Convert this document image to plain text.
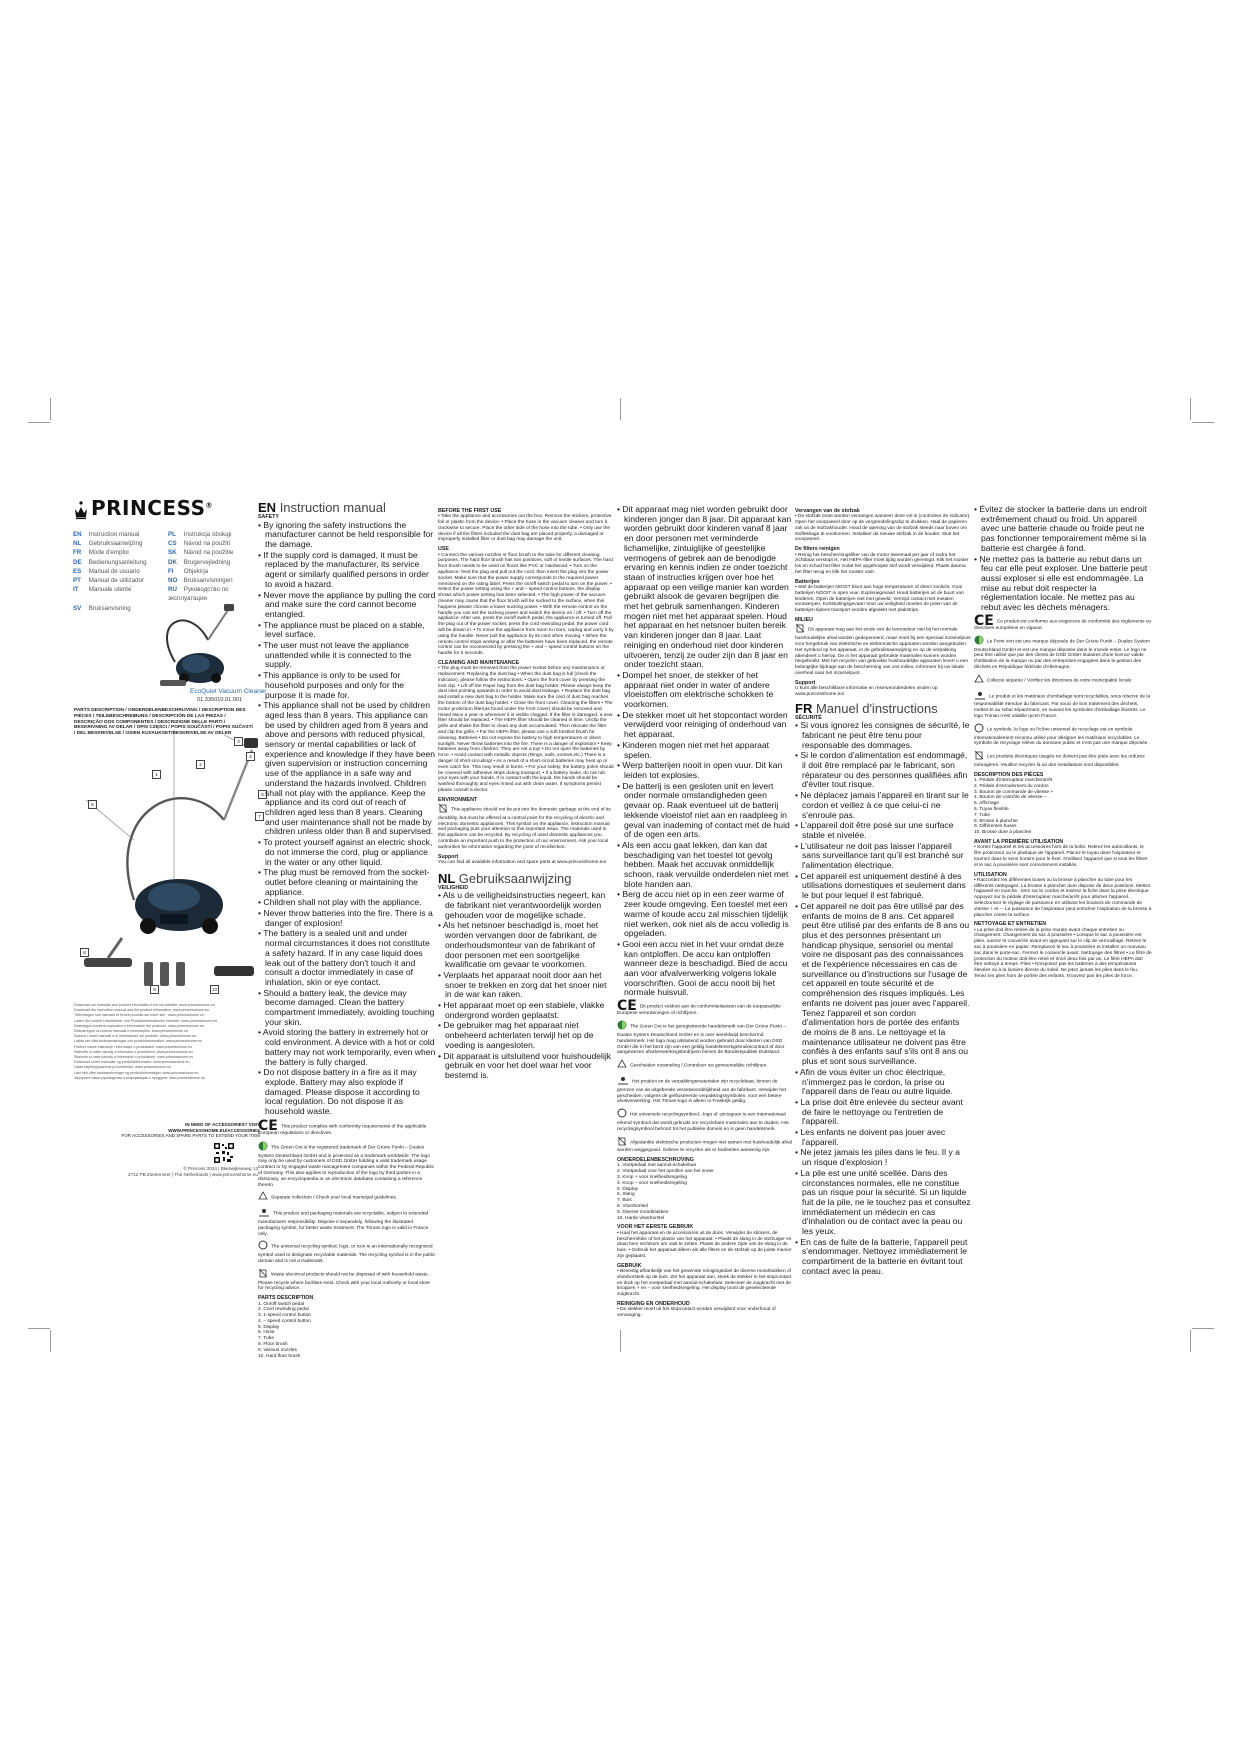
PRINCESS®
EN Instruction manual	PL Instrukcja obsługi
NL Gebruiksaanwijzing	CS Návod na použití
FR Mode d'emploi	SK Návod na použitie
DE Bedienungsanleitung	DK Brugervejledning
ES Manual de usuario	FI Ohjekirja
PT Manual de utilizador	NO Bruksanvisningen
IT Manuale utente	RU Руководство по эксплуатации
SV Bruksanvisning
EcoQuiet Vacuum Cleaner
01.335010.01.001
PARTS DESCRIPTION / ONDERDELENBESCHRIJVING / DESCRIPTION DES PIÈCES / TEILEBESCHREIBUNG / DESCRIPCIÓN DE LAS PIEZAS / DESCRIÇÃO DOS COMPONENTES / DESCRIZIONE DELLE PARTI / BESKRIVNING AV DELAR / OPIS CZĘŚCI / POPIS SOUČÁSTÍ / POPIS SÚČASTÍ / DEL BESKRIVELSE / OSIEN KUVAUKSET/BESKRIVELSE AV DELER
1
2
3
4
5
6
7
8
9	10
Download our manuals and product information from our website: www.princesshome.eu
Download the instruction manual and the product information: www.princesshome.eu
Téléchargez nos manuels et fiches produits sur notre site : www.princesshome.eu
Laden Sie unsere Handbücher und Produktinformationen herunter: www.princesshome.eu
Descargue nuestros manuales e información del producto: www.princesshome.eu
Descarregue os nossos manuais e informações: www.princesshome.eu
Scarica i nostri manuali e le informazioni sul prodotto: www.princesshome.eu
Ladda ner våra bruksanvisningar och produktinformation: www.princesshome.eu
Pobierz nasze instrukcje i informacje o produktach: www.princesshome.eu
Stáhněte si naše návody a informace o produktech: www.princesshome.eu
Stiahnite si naše návody a informácie o produktoch: www.princesshome.eu
Download vores manualer og produktinformation: www.princesshome.eu
Lataa käyttöoppaamme ja tuotetiedot: www.princesshome.eu
Last ned våre bruksanvisninger og produktinformasjon: www.princesshome.eu
Загрузите наши руководства и информацию о продукте: www.princesshome.eu
IN NEED OF ACCESSORIES? VISIT
WWW.PRINCESSHOME.EU/ACCESSORIES
FOR ACCESSORIES AND SPARE PARTS TO EXTEND YOUR ITEM
© Princess 2024 | Bleiswijkseweg 12
2712 PB Zoetermeer | The Netherlands | www.princesshome.eu
EN Instruction manual
SAFETY
• By ignoring the safety instructions the manufacturer cannot be held responsible for the damage.
• If the supply cord is damaged, it must be replaced by the manufacturer, its service agent or similarly qualified persons in order to avoid a hazard.
• Never move the appliance by pulling the cord and make sure the cord cannot become entangled.
• The appliance must be placed on a stable, level surface.
• The user must not leave the appliance unattended while it is connected to the supply.
• This appliance is only to be used for household purposes and only for the purpose it is made for.
• This appliance shall not be used by children aged less than 8 years. This appliance can be used by children aged from 8 years and above and persons with reduced physical, sensory or mental capabilities or lack of experience and knowledge if they have been given supervision or instruction concerning use of the appliance in a safe way and understand the hazards involved. Children shall not play with the appliance. Keep the appliance and its cord out of reach of children aged less than 8 years. Cleaning and user maintenance shall not be made by children unless older than 8 and supervised.
• To protect yourself against an electric shock, do not immerse the cord, plug or appliance in the water or any other liquid.
• The plug must be removed from the socket-outlet before cleaning or maintaining the appliance.
• Children shall not play with the appliance.
• Never throw batteries into the fire. There is a danger of explosion!
• The battery is a sealed unit and under normal circumstances it does not constitute a safety hazard. If in any case liquid does leak out of the battery don't touch it and consult a doctor immediately in case of inhalation, skin or eye contact.
• Should a battery leak, the device may become damaged. Clean the battery compartment immediately, avoiding touching your skin.
• Avoid storing the battery in extremely hot or cold environment. A device with a hot or cold battery may not work temporarily, even when the battery is fully charged.
• Do not dispose battery in a fire as it may explode. Battery may also explode if damaged. Please dispose it according to local regulation. Do not dispose it as household waste.
CE This product complies with conformity requirements of the applicable European regulations or directives.
The Green Dot is the registered trademark of Der Grüne Punkt – Duales System Deutschland GmbH and is protected as a trademark worldwide. The logo may only be used by customers of DSD GmbH holding a valid trademark usage contract or by engaged waste management companies within the Federal Republic of Germany. This also applies to reproduction of the logo by third parties in a dictionary, an encyclopaedia or an electronic database containing a reference thereto.
Separate collection / Check your local municipal guidelines.
This product and packaging materials are recyclable, subject to extended manufacturer responsibility. Dispose it separately, following the illustrated packaging symbol, for better waste treatment. The Triman logo is valid in France only.
The universal recycling symbol, logo, or icon is an internationally recognized symbol used to designate recyclable materials. The recycling symbol is in the public domain and is not a trademark.
Waste electrical products should not be disposed of with household waste. Please recycle where facilities exist. Check with your local Authority or local store for recycling advice.
PARTS DESCRIPTION
1. On/off switch pedal
2. Cord rewinding pedal
3. 1-speed control button
4. – speed control button
5. Display
6. Hose
7. Tube
8. Floor brush
9. Various nozzles
10. Hard floor brush
BEFORE THE FIRST USE
• Take the appliance and accessories out the box. Remove the stickers, protective foil or plastic from the device. • Place the hose in the vacuum cleaner and turn it clockwise to secure. Place the other side of the hose into the tube. • Only use the device if all the filters included the dust bag are placed properly, a damaged or improperly installed filter or dust bag may damage the unit.
USE
• Connect the various nozzles or floor brush to the tube for different cleaning purposes. The hard floor brush has two positions, soft or textile surfaces. The hard floor brush needs to be used on floors like PVC or Hardwood. • Turn on the appliance: feed the plug and pull out the cord, then insert the plug into the power socket. Make sure that the power supply corresponds to the required power mentioned on the rating label. Press the on/off switch pedal to turn on the power. • Select the power setting using the + and – speed control buttons, the display shows which power setting has been selected. • The high power of the vacuum cleaner may cause that the floor brush will be sucked to the surface, when this happens please choose a lower sucking power. • With the remote control on the handle you can set the sucking power and switch the device on / off. • Turn off the appliance: After use, press the on/off switch pedal, the appliance is turned off. Pull the plug out of the power socket, press the cord rewinding pedal, the power cord will be drawn in. • To move the appliance from room to room, unplug and carry it by using the handle. Never pull the appliance by its cord when moving. • When the remote control stops working or after the batteries have been replaced, the remote control can be reconnected by pressing the + and – speed control buttons on the handle for 5 seconds.
CLEANING AND MAINTENANCE
• The plug must be removed from the power socket before any maintenance or replacement. Replacing the dust bag • When the dust bag is full (check the indicator), please follow the instructions: • Open the front cover by pressing the lock clip. • Lift off the Paper bag from the dust bag holder. Please always keep the dust inlet pointing upwards in order to avoid dust leakage. • Replace the dust bag and install a new dust bag to the holder. Make sure the card of dust bag reaches the bottom of the dust bag holder. • Close the front cover. Cleaning the filters • The motor protection filter(as found under the front cover) should be removed and rinsed twice a year or whenever it is visible clogged. If the filter is damaged, a new filter should be replaced. • The HEPA filter should be cleaned in time. Unclip the grille and shake the filter to clean any dust accumulated. Then relocate the filter and clip the grille. • For the HEPA filter, please use a soft bristled brush for cleaning. Batteries • Do not expose the battery to high temperatures or direct sunlight. Never throw batteries into the fire. There is a danger of explosion! • Keep batteries away from children. They are not a toy! • Do not open the batteries by force. • Avoid contact with metallic objects (Rings, nails, screws etc.) There is a danger of short-circuiting! • As a result of a short-circuit batteries may heat up or even catch fire. This may result in burns. • For your safety, the battery poles should be covered with adhesive strips during transport. • If a battery leaks, do not rub your eyes with your hands. If in contact with the liquid, the hands should be washed thoroughly and eyes rinsed out with clean water. If symptoms persist please consult a doctor.
ENVIRONMENT
This appliance should not be put into the domestic garbage at the end of its durability, but must be offered at a central point for the recycling of electric and electronic domestic appliances. This symbol on the appliance, instruction manual and packaging puts your attention to this important issue. The materials used in this appliance can be recycled. By recycling of used domestic appliances you contribute an important push to the protection of our environment. Ask your local authorities for information regarding the point of recollection.
Support
You can find all available information and spare parts at www.princesshome.eu!
NL Gebruiksaanwijzing
VEILIGHEID
• Als u de veiligheidsinstructies negeert, kan de fabrikant niet verantwoordelijk worden gehouden voor de mogelijke schade.
• Als het netsnoer beschadigd is, moet het worden vervangen door de fabrikant, de onderhoudsmonteur van de fabrikant of door personen met een soortgelijke kwalificatie om gevaar te voorkomen.
• Verplaats het apparaat nooit door aan het snoer te trekken en zorg dat het snoer niet in de war kan raken.
• Het apparaat moet op een stabiele, vlakke ondergrond worden geplaatst.
• De gebruiker mag het apparaat niet onbeheerd achterlaten terwijl het op de voeding is aangesloten.
• Dit apparaat is uitsluitend voor huishoudelijk gebruik en voor het doel waar het voor bestemd is.
• Dit apparaat mag niet worden gebruikt door kinderen jonger dan 8 jaar. Dit apparaat kan worden gebruikt door kinderen vanaf 8 jaar en door personen met verminderde lichamelijke, zintuiglijke of geestelijke vermogens of gebrek aan de benodigde ervaring en kennis indien ze onder toezicht staan of instructies krijgen over hoe het apparaat op een veilige manier kan worden gebruikt alsook de gevaren begrijpen die met het gebruik samenhangen. Kinderen mogen niet met het apparaat spelen. Houd het apparaat en het netsnoer buiten bereik van kinderen jonger dan 8 jaar. Laat reiniging en onderhoud niet door kinderen uitvoeren, tenzij ze ouder zijn dan 8 jaar en onder toezicht staan.
• Dompel het snoer, de stekker of het apparaat niet onder in water of andere vloeistoffen om elektrische schokken te voorkomen.
• De stekker moet uit het stopcontact worden verwijderd voor reiniging of onderhoud van het apparaat.
• Kinderen mogen niet met het apparaat spelen.
• Werp batterijen nooit in open vuur. Dit kan leiden tot explosies.
• De batterij is een gesloten unit en levert onder normale omstandigheden geen gevaar op. Raak eventueel uit de batterij lekkende vloeistof niet aan en raadpleeg in geval van inademing of contact met de huid of de ogen een arts.
• Als een accu gaat lekken, dan kan dat beschadiging van het toestel tot gevolg hebben. Maak het accuvak onmiddellijk schoon, raak vervuilde onderdelen niet met blote handen aan.
• Berg de accu niet op in een zeer warme of zeer koude omgeving. Een toestel met een warme of koude accu zal misschien tijdelijk niet werken, ook niet als de accu volledig is opgeladen.
• Gooi een accu niet in het vuur omdat deze kan ontploffen. De accu kan ontploffen wanneer deze is beschadigd. Bied de accu aan voor afvalverwerking volgens lokale voorschriften. Gooi de accu nooit bij het normale huisvuil.
CE Dit product voldoet aan de conformiteitseisen van de toepasselijke Europese verordeningen of richtlijnen.
The Green Dot is het geregistreerde handelsmerk van Der Grüne Punkt – Duales System Deutschland GmbH en is over wereldwijd beschermd handelsmerk. Het logo mag uitsluitend worden gebruikt door klanten van DSD GmbH die in het bezit zijn van een geldig handelsmerkgebruikscontract of door aangewezen afvalverwerkingsbedrijven binnen de Bondsrepubliek Duitsland.
Gescheiden inzameling / Controleer uw gemeentelijke richtlijnen.
Het product en de verpakkingsmaterialen zijn recyclebaar, binnen de grenzen van de uitgebreide verantwoordelijkheid van de fabrikant. Verwijder het gescheiden, volgens de geïllustreerde verpakkingssymbolen, voor een betere afvalverwerking. Het Triman-logo is alleen in Frankrijk geldig.
Het universele recyclingsymbool, -logo of -pictogram is een internationaal erkend symbool dat wordt gebruikt om recyclebare materialen aan te duiden. Het recyclingsymbool behoort tot het publieke domein en is geen handelsmerk.
Afgedankte elektrische producten mogen niet samen met huishoudelijk afval worden weggegooid. Gelieve te recyclen als er faciliteiten aanwezig zijn.
ONDERDELENBESCHRIJVING
1. Voetpedaal met aan/uit-schakelaar
2. Voetpedaal voor het oprollen van het snoer
3. Knop + voor snelheidsregeling
4. Knop – voor snelheidsregeling
5. Display
6. Slang
7. Buis
8. Vloerborstel
9. Diverse mondstukken
10. Harde vloerborstel
VOOR HET EERSTE GEBRUIK
• Haal het apparaat en de accessoires uit de doos. Verwijder de stickers, de beschermfolie of het plastic van het apparaat. • Plaats de slang in de stofzuiger en draai hem rechtsom om vast te zetten. Plaats de andere zijde van de slang in de buis. • Gebruik het apparaat alleen als alle filters en de stofzak op de juiste manier zijn geplaatst.
GEBRUIK
• Bevestig afhankelijk van het gewenste reinigingsdoel de diverse mondstukken of vloerborstels op de buis. Zet het apparaat aan, steek de stekker in het stopcontact en druk op het voetpedaal met aan/uit-schakelaar. Selecteer de zuigkracht met de knoppen + en – voor snelheidsregeling. Het display toont de geselecteerde zuigkracht.
REINIGING EN ONDERHOUD
• De stekker moet uit het stopcontact worden verwijderd voor onderhoud of vervanging.
Vervangen van de stofzak
• De stofzak moet worden vervangen wanneer deze vol is (controleer de indicator). Open het voorpaneel door op de vergrendelingsclip te drukken. Haal de papieren zak uit de stofzakhouder. Houd de opening van de stofzak steeds naar boven om stoflekkage te voorkomen. Installeer de nieuwe stofzak in de houder. Sluit het voorpaneel.
De filters reinigen
• Reinig het beschermingsfilter van de motor tweemaal per jaar of zodra het zichtbaar verstopt is. Het HEPA-filter moet tijdig worden gereinigd. Klik het rooster los en schud het filter zodat het opgehoopte stof wordt verwijderd. Plaats daarna het filter terug en klik het rooster vast.
Batterijen
• Stel de batterijen NOOIT bloot aan hoge temperaturen of direct zonlicht. Gooi batterijen NOOIT in open vuur. Explosiegevaar! Houd batterijen uit de buurt van kinderen. Open de batterijen niet met geweld. Vermijd contact met metalen voorwerpen. Kortsluitingsgevaar! Voor uw veiligheid moeten de polen van de batterijen tijdens transport worden afgedekt met plakstrips.
MILIEU
Dit apparaat mag aan het einde van de levensduur niet bij het normale huishoudelijke afval worden gedeponeerd, maar moet bij een speciaal inzamelpunt voor hergebruik van elektrische en elektronische apparaten worden aangeboden. Het symbool op het apparaat, in de gebruiksaanwijzing en op de verpakking attendeert u hierop. De in het apparaat gebruikte materialen kunnen worden hergebruikt. Met het recyclen van gebruikte huishoudelijke apparaten levert u een belangrijke bijdrage aan de bescherming van ons milieu. Informeer bij uw lokale overheid naar het inzamelpunt.
Support
U kunt alle beschikbare informatie en reserveonderdelen vinden op www.princesshome.eu!
FR Manuel d'instructions
SÉCURITÉ
• Si vous ignorez les consignes de sécurité, le fabricant ne peut être tenu pour responsable des dommages.
• Si le cordon d'alimentation est endommagé, il doit être remplacé par le fabricant, son réparateur ou des personnes qualifiées afin d'éviter tout risque.
• Ne déplacez jamais l'appareil en tirant sur le cordon et veillez à ce que celui-ci ne s'enroule pas.
• L'appareil doit être posé sur une surface stable et nivelée.
• L'utilisateur ne doit pas laisser l'appareil sans surveillance tant qu'il est branché sur l'alimentation électrique.
• Cet appareil est uniquement destiné à des utilisations domestiques et seulement dans le but pour lequel il est fabriqué.
• Cet appareil ne doit pas être utilisé par des enfants de moins de 8 ans. Cet appareil peut être utilisé par des enfants de 8 ans ou plus et des personnes présentant un handicap physique, sensoriel ou mental voire ne disposant pas des connaissances et de l'expérience nécessaires en cas de surveillance ou d'instructions sur l'usage de cet appareil en toute sécurité et de compréhension des risques impliqués. Les enfants ne doivent pas jouer avec l'appareil. Tenez l'appareil et son cordon d'alimentation hors de portée des enfants de moins de 8 ans. Le nettoyage et la maintenance utilisateur ne doivent pas être confiés à des enfants sauf s'ils ont 8 ans ou plus et sont sous surveillance.
• Afin de vous éviter un choc électrique, n'immergez pas le cordon, la prise ou l'appareil dans de l'eau ou autre liquide.
• La prise doit être enlevée du secteur avant de faire le nettoyage ou l'entretien de l'appareil.
• Les enfants ne doivent pas jouer avec l'appareil.
• Ne jetez jamais les piles dans le feu. Il y a un risque d'explosion !
• La pile est une unité scellée. Dans des circonstances normales, elle ne constitue pas un risque pour la sécurité. Si un liquide fuit de la pile, ne le touchez pas et consultez immédiatement un médecin en cas d'inhalation ou de contact avec la peau ou les yeux.
• En cas de fuite de la batterie, l'appareil peut s'endommager. Nettoyez immédiatement le compartiment de la batterie en évitant tout contact avec la peau.
• Évitez de stocker la batterie dans un endroit extrêmement chaud ou froid. Un appareil avec une batterie chaude ou froide peut ne pas fonctionner temporairement même si la batterie est chargée à fond.
• Ne mettez pas la batterie au rebut dans un feu car elle peut exploser. Une batterie peut aussi exploser si elle est endommagée. La mise au rebut doit respecter la réglementation locale. Ne mettez pas au rebut avec les déchets ménagers.
CE Ce produit est conforme aux exigences de conformité des règlements ou directives européens en vigueur.
Le Point vert est une marque déposée de Der Grüne Punkt – Duales System Deutschland GmbH et est une marque déposée dans le monde entier. Le logo ne peut être utilisé que par des clients de DSD GmbH titulaires d'une licence valide d'utilisation de la marque ou par des entreprises engagées dans la gestion des déchets en République fédérale d'Allemagne.
Collecte séparée / Vérifiez les directives de votre municipalité locale.
Le produit et les matériaux d'emballage sont recyclables, sous réserve de la responsabilité étendue du fabricant. Par souci de bon traitement des déchets, mettez-le au rebut séparément, en suivant les symboles d'emballage illustrés. Le logo Triman n'est valable qu'en France.
Le symbole, le logo ou l'icône universel de recyclage est un symbole internationalement reconnu utilisé pour désigner les matériaux recyclables. Le symbole de recyclage relève du domaine public et n'est pas une marque déposée.
Les produits électriques usagés ne doivent pas être jetés avec les ordures ménagères. Veuillez recycler là où des installations sont disponibles.
DESCRIPTION DES PIÈCES
1. Pédale d'interrupteur marche/arrêt
2. Pédale d'enroulement du cordon
3. Bouton de commande de vitesse +
4. Bouton de contrôle de vitesse –
5. Affichage
6. Tuyau flexible
7. Tube
8. Brosse à plancher
9. Différentes buses
10. Brosse dure à plancher
AVANT LA PREMIÈRE UTILISATION
• Sortez l'appareil et les accessoires hors de la boîte. Retirez les autocollants, le film protecteur ou le plastique de l'appareil. Placez le tuyau dans l'aspirateur et tournez dans le sens horaire pour le fixer. N'utilisez l'appareil que si tous les filtres et le sac à poussière sont correctement installés.
UTILISATION
• Raccordez les différentes buses ou la brosse à plancher au tube pour les différents nettoyages. La brosse à plancher dure dispose de deux positions. Mettez l'appareil en marche : tirez sur le cordon et insérez la fiche dans la prise électrique. Appuyez sur la pédale d'interrupteur marche/arrêt pour allumer l'appareil. Sélectionnez le réglage de puissance en utilisant les boutons de commande de vitesse + et –. La puissance de l'aspirateur peut entraîner l'aspiration de la brosse à plancher contre la surface.
NETTOYAGE ET ENTRETIEN
• La prise doit être retirée de la prise murale avant chaque entretien ou changement. Changement du sac à poussière • Lorsque le sac à poussière est plein, ouvrez le couvercle avant en appuyant sur le clip de verrouillage. Retirez le sac à poussière en papier. Remplacez le sac à poussière et installez un nouveau sac dans le porte-sac. Fermez le couvercle avant. Nettoyage des filtres • Le filtre de protection du moteur doit être retiré et rincé deux fois par an. Le filtre HEPA doit être nettoyé à temps. Piles • N'exposez pas les batteries à des températures élevées ou à la lumière directe du soleil. Ne jetez jamais les piles dans le feu. Tenez les piles hors de portée des enfants. N'ouvrez pas les piles de force.
